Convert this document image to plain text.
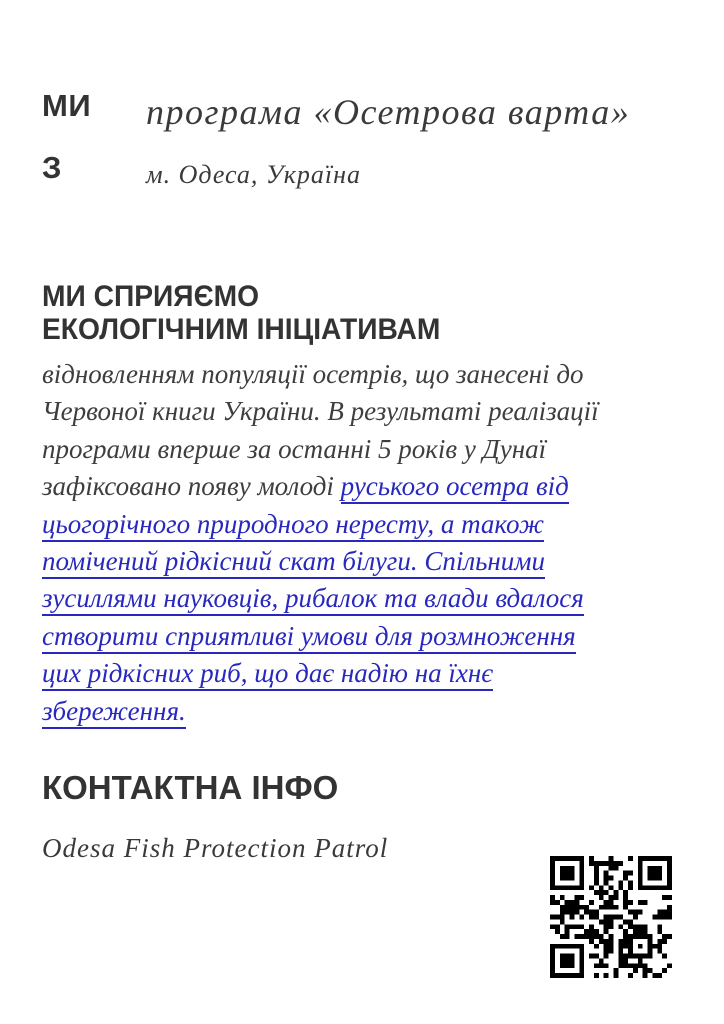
МИ
З
програма «Осетрова варта»
м. Одеса, Україна
МИ СПРИЯЄМО
ЕКОЛОГІЧНИМ ІНІЦІАТИВАМ
відновленням популяції осетрів, що занесені до
Червоної книги України. В результаті реалізації
програми вперше за останні 5 років у Дунаї
зафіксовано появу молоді руського осетра від
цьогорічного природного нересту, а також
помічений рідкісний скат білуги. Спільними
зусиллями науковців, рибалок та влади вдалося
створити сприятливі умови для розмноження
цих рідкісних риб, що дає надію на їхнє
збереження.
КОНТАКТНА ІНФО
Odesa Fish Protection Patrol
